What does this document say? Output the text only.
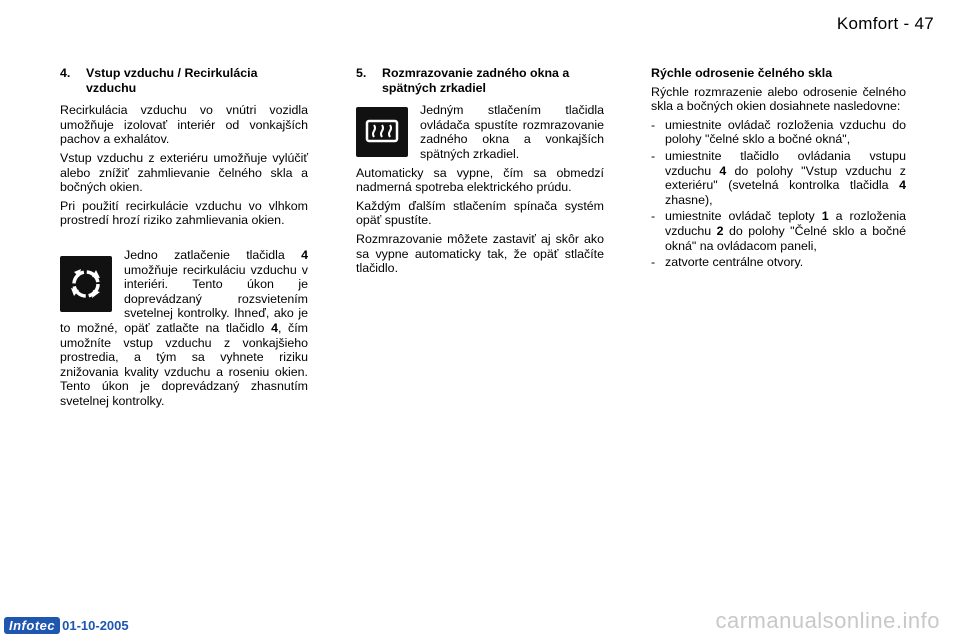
Komfort - 47
4.	Vstup vzduchu / Recirkulácia vzduchu

Recirkulácia vzduchu vo vnútri vozidla umožňuje izolovať interiér od vonkajších pachov a exhalátov.

Vstup vzduchu z exteriéru umožňuje vylúčiť alebo znížiť zahmlievanie čelného skla a bočných okien.

Pri použití recirkulácie vzduchu vo vlhkom prostredí hrozí riziko zahmlievania okien.

Jedno zatlačenie tlačidla 4 umožňuje recirkuláciu vzduchu v interiéri. Tento úkon je doprevádzaný rozsvietením svetelnej kontrolky. Ihneď, ako je to možné, opäť zatlačte na tlačidlo 4, čím umožníte vstup vzduchu z vonkajšieho prostredia, a tým sa vyhnete riziku znižovania kvality vzduchu a roseniu okien. Tento úkon je doprevádzaný zhasnutím svetelnej kontrolky.

5.	Rozmrazovanie zadného okna a spätných zrkadiel

Jedným stlačením tlačidla ovládača spustíte rozmrazovanie zadného okna a vonkajších spätných zrkadiel.

Automaticky sa vypne, čím sa obmedzí nadmerná spotreba elektrického prúdu.

Každým ďalším stlačením spínača systém opäť spustíte.

Rozmrazovanie môžete zastaviť aj skôr ako sa vypne automaticky tak, že opäť stlačíte tlačidlo.

Rýchle odrosenie čelného skla

Rýchle rozmrazenie alebo odrosenie čelného skla a bočných okien dosiahnete nasledovne:

- umiestnite ovládač rozloženia vzduchu do polohy "čelné sklo a bočné okná",
- umiestnite tlačidlo ovládania vstupu vzduchu 4 do polohy "Vstup vzduchu z exteriéru" (svetelná kontrolka tlačidla 4 zhasne),
- umiestnite ovládač teploty 1 a rozloženia vzduchu 2 do polohy "Čelné sklo a bočné okná" na ovládacom paneli,
- zatvorte centrálne otvory.
Infotec 01-10-2005	carmanualsonline.info
